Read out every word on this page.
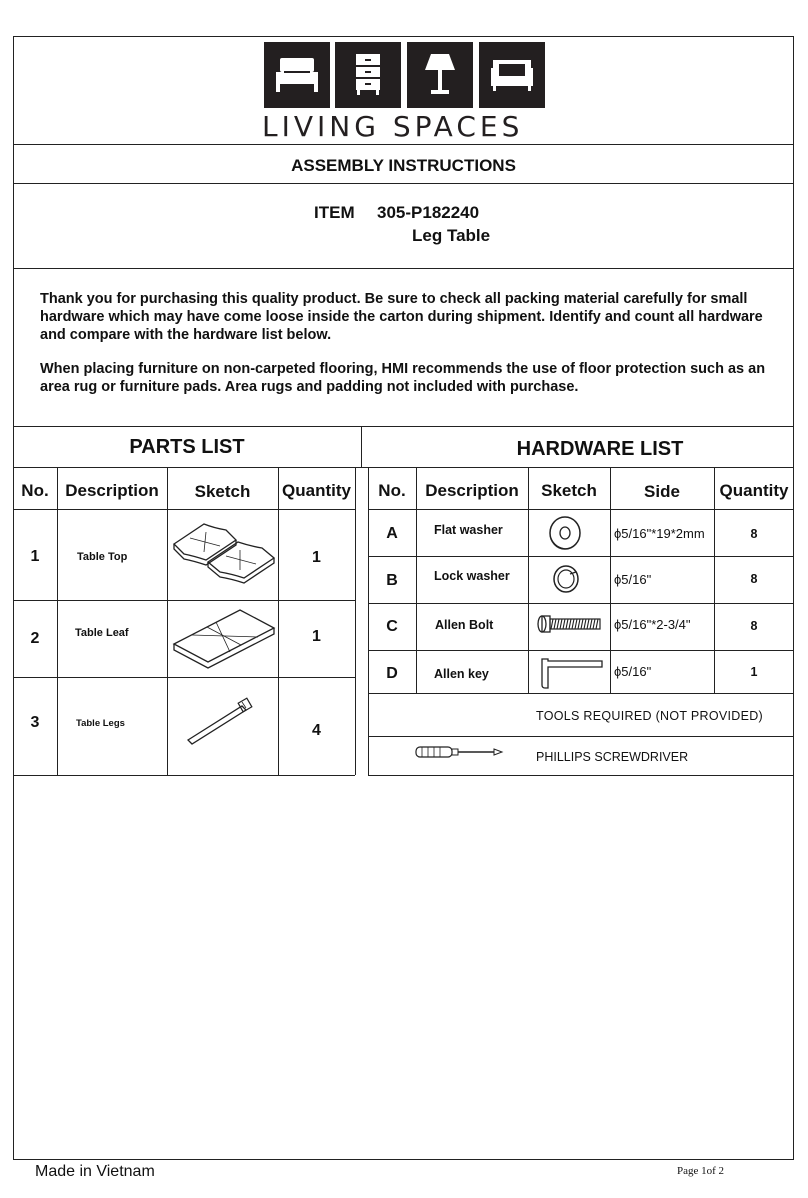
LIVING SPACES
ASSEMBLY INSTRUCTIONS
ITEM 305-P182240
Leg Table
Thank you for purchasing this quality product. Be sure to check all packing material carefully for small hardware which may have come loose inside the carton during shipment. Identify and count all hardware and compare with the hardware list below.
When placing furniture on non-carpeted flooring, HMI recommends the use of floor protection such as an area rug or furniture pads. Area rugs and padding not included with purchase.
PARTS LIST	HARDWARE LIST
No. Description	Sketch	Quantity
1	Table Top	1
2	Table Leaf	1
3	Table Legs	4
No.	Description	Sketch	Side	Quantity
A	Flat washer	ϕ5/16"*19*2mm	8
B	Lock washer	ϕ5/16"	8
C	Allen Bolt	ϕ5/16"*2-3/4"	8
D	Allen key	ϕ5/16"	1
TOOLS REQUIRED (NOT PROVIDED)
PHILLIPS SCREWDRIVER
Made in Vietnam	Page 1of 2
